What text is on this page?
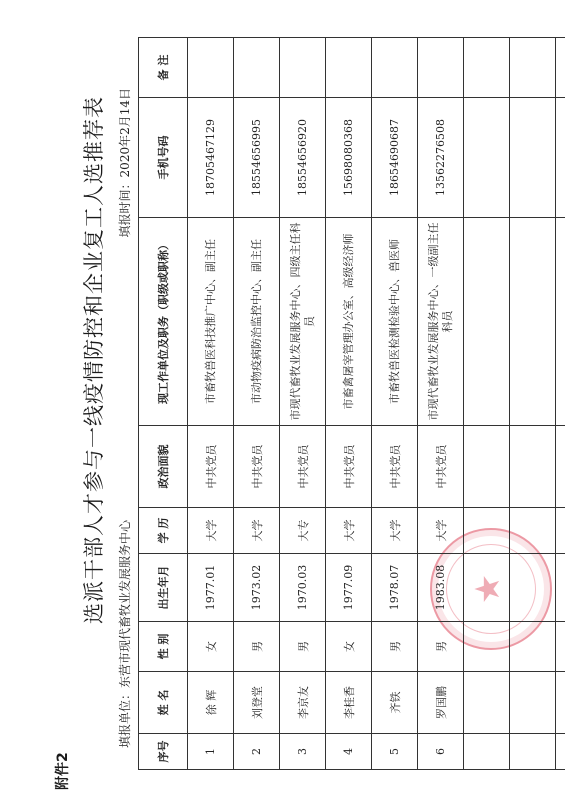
附件2
选派干部人才参与一线疫情防控和企业复工人选推荐表
填报单位：东营市现代畜牧业发展服务中心
填报时间：2020年2月14日
★
序号	姓 名	性 别	出生年月	学 历	政治面貌	现工作单位及职务（职级或职称）	手机号码	备 注
1	徐 辉	女	1977.01	大学	中共党员	市畜牧兽医科技推广中心、副主任	18705467129	
2	刘登堂	男	1973.02	大学	中共党员	市动物疫病防治监控中心、副主任	18554656995	
3	李京友	男	1970.03	大专	中共党员	市现代畜牧业发展服务中心、四级主任科员	18554656920	
4	李桂香	女	1977.09	大学	中共党员	市畜禽屠宰管理办公室、高级经济师	15698080368	
5	齐铁	男	1978.07	大学	中共党员	市畜牧兽医检测检验中心、兽医师	18654690687	
6	罗国鹏	男	1983.08	大学	中共党员	市现代畜牧业发展服务中心、一级副主任科员	13562276508	
